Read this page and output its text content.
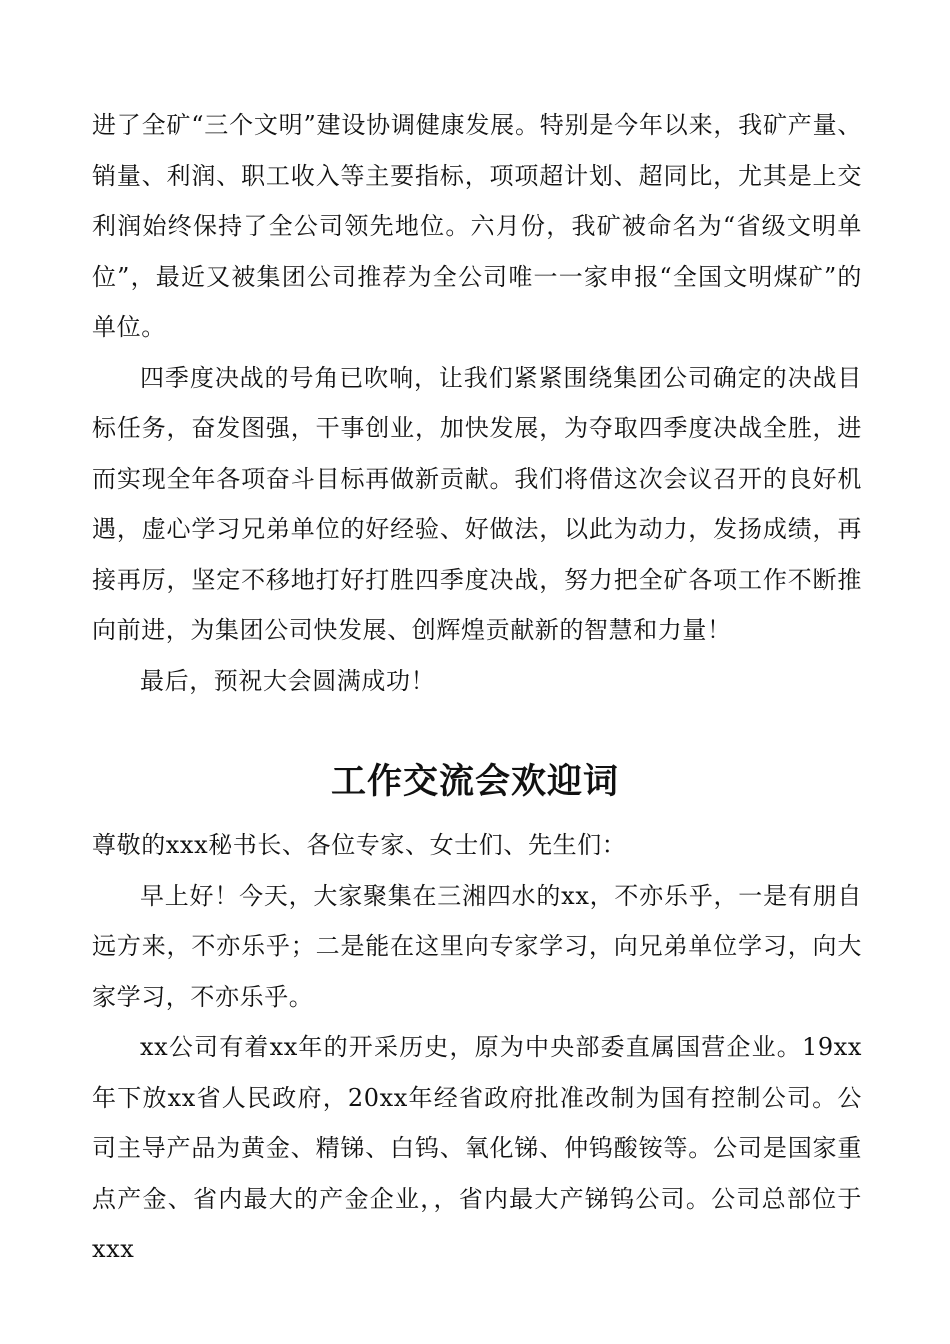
进了全矿“三个文明”建设协调健康发展。特别是今年以来，我矿产量、销量、利润、职工收入等主要指标，项项超计划、超同比，尤其是上交利润始终保持了全公司领先地位。六月份，我矿被命名为“省级文明单位”，最近又被集团公司推荐为全公司唯一一家申报“全国文明煤矿”的单位。

四季度决战的号角已吹响，让我们紧紧围绕集团公司确定的决战目标任务，奋发图强，干事创业，加快发展，为夺取四季度决战全胜，进而实现全年各项奋斗目标再做新贡献。我们将借这次会议召开的良好机遇，虚心学习兄弟单位的好经验、好做法，以此为动力，发扬成绩，再接再厉，坚定不移地打好打胜四季度决战，努力把全矿各项工作不断推向前进，为集团公司快发展、创辉煌贡献新的智慧和力量！

最后，预祝大会圆满成功！

工作交流会欢迎词

尊敬的xxx秘书长、各位专家、女士们、先生们：

早上好！今天，大家聚集在三湘四水的xx，不亦乐乎，一是有朋自远方来，不亦乐乎；二是能在这里向专家学习，向兄弟单位学习，向大家学习，不亦乐乎。

xx公司有着xx年的开采历史，原为中央部委直属国营企业。19xx年下放xx省人民政府，20xx年经省政府批准改制为国有控制公司。公司主导产品为黄金、精锑、白钨、氧化锑、仲钨酸铵等。公司是国家重点产金、省内最大的产金企业，，省内最大产锑钨公司。公司总部位于xxx
